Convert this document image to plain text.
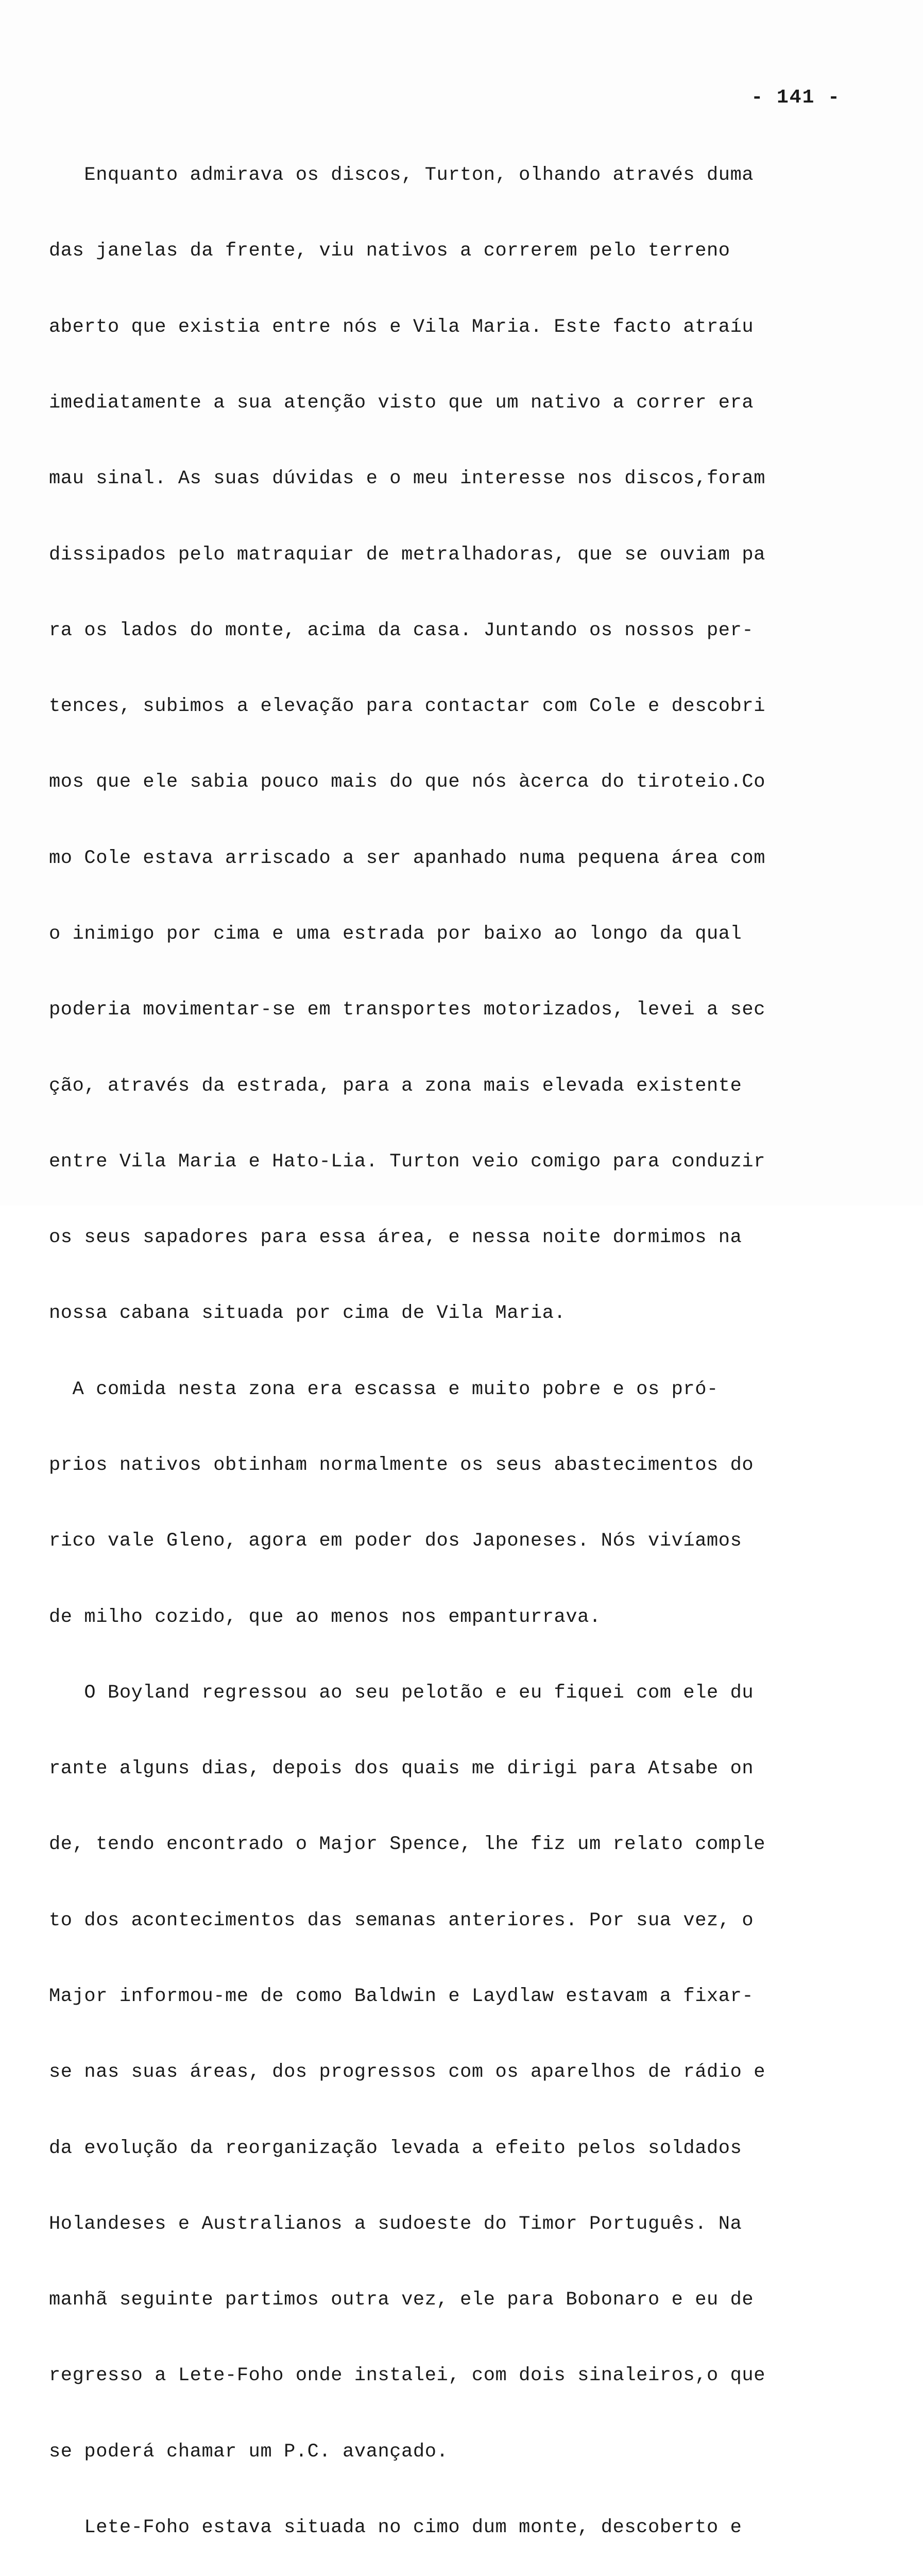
- 141 -

Enquanto admirava os discos, Turton, olhando através duma

das janelas da frente, viu nativos a correrem pelo terreno

aberto que existia entre nós e Vila Maria. Este facto atraíu

imediatamente a sua atenção visto que um nativo a correr era

mau sinal. As suas dúvidas e o meu interesse nos discos,foram

dissipados pelo matraquiar de metralhadoras, que se ouviam pa

ra os lados do monte, acima da casa. Juntando os nossos per-

tences, subimos a elevação para contactar com Cole e descobri

mos que ele sabia pouco mais do que nós àcerca do tiroteio.Co

mo Cole estava arriscado a ser apanhado numa pequena área com

o inimigo por cima e uma estrada por baixo ao longo da qual

poderia movimentar-se em transportes motorizados, levei a sec

ção, através da estrada, para a zona mais elevada existente

entre Vila Maria e Hato-Lia. Turton veio comigo para conduzir

os seus sapadores para essa área, e nessa noite dormimos na

nossa cabana situada por cima de Vila Maria.

A comida nesta zona era escassa e muito pobre e os pró-

prios nativos obtinham normalmente os seus abastecimentos do

rico vale Gleno, agora em poder dos Japoneses. Nós vivíamos

de milho cozido, que ao menos nos empanturrava.

O Boyland regressou ao seu pelotão e eu fiquei com ele du

rante alguns dias, depois dos quais me dirigi para Atsabe on

de, tendo encontrado o Major Spence, lhe fiz um relato comple

to dos acontecimentos das semanas anteriores. Por sua vez, o

Major informou-me de como Baldwin e Laydlaw estavam a fixar-

se nas suas áreas, dos progressos com os aparelhos de rádio e

da evolução da reorganização levada a efeito pelos soldados

Holandeses e Australianos a sudoeste do Timor Português. Na

manhã seguinte partimos outra vez, ele para Bobonaro e eu de

regresso a Lete-Foho onde instalei, com dois sinaleiros,o que

se poderá chamar um P.C. avançado.

Lete-Foho estava situada no cimo dum monte, descoberto e
